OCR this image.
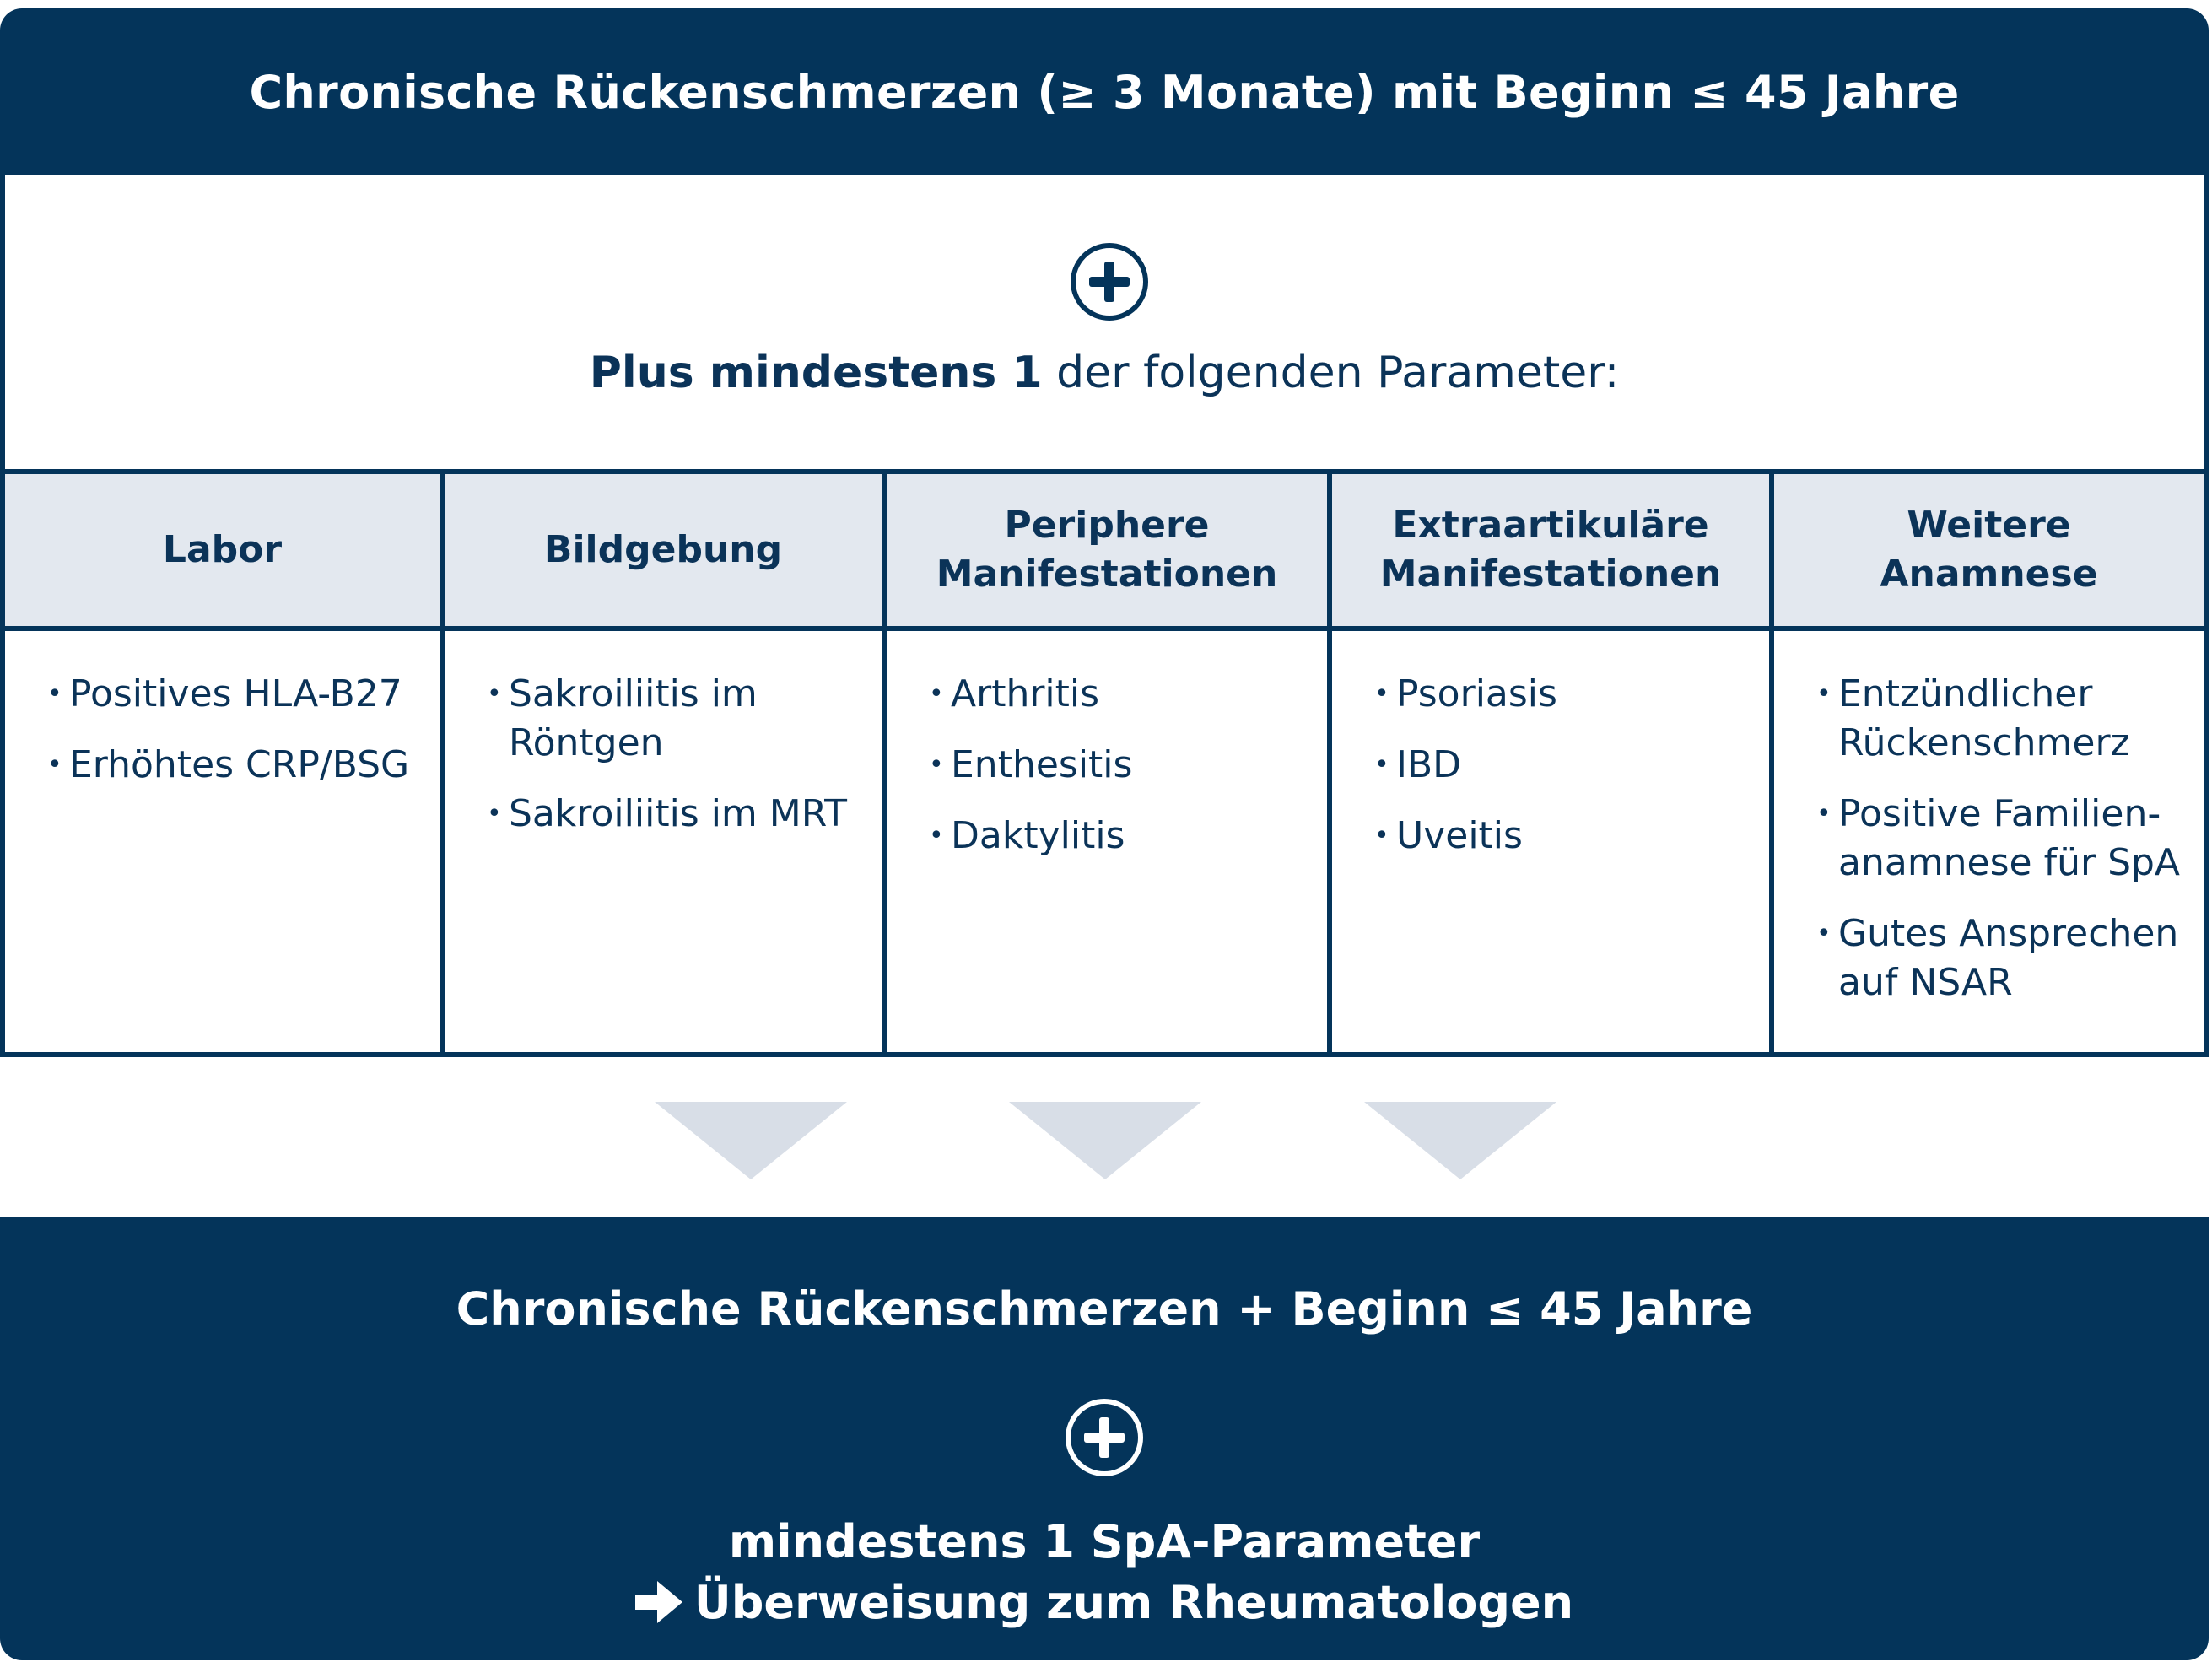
Chronische Rückenschmerzen (≥ 3 Monate) mit Beginn ≤ 45 Jahre
Plus mindestens 1 der folgenden Parameter:
Labor	Bildgebung
Periphere
Manifestationen
Extraartikuläre
Manifestationen
Weitere
Anamnese
• Positives HLA-B27
• Erhöhtes CRP/BSG
• Sakroiliitis im
Röntgen
• Sakroiliitis im MRT
• Arthritis
• Enthesitis
• Daktylitis
• Psoriasis
• IBD
• Uveitis
• Entzündlicher
Rückenschmerz
• Positive Familien-
anamnese für SpA
• Gutes Ansprechen
auf NSAR
Chronische Rückenschmerzen + Beginn ≤ 45 Jahre
mindestens 1 SpA-Parameter
Überweisung zum Rheumatologen
